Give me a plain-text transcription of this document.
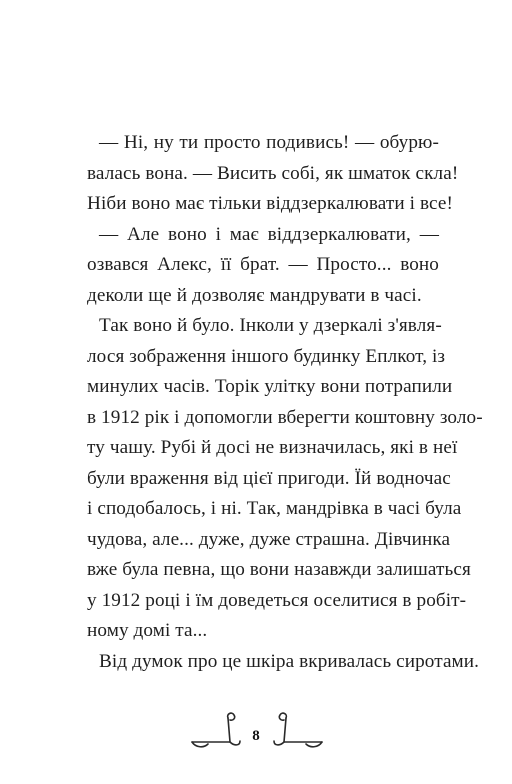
— Ні, ну ти просто подивись! — обурю-
валась вона. — Висить собі, як шматок скла!
Ніби воно має тільки віддзеркалювати і все!

— Але воно і має віддзеркалювати, —
озвався Алекс, її брат. — Просто... воно
деколи ще й дозволяє мандрувати в часі.

Так воно й було. Інколи у дзеркалі з'явля-
лося зображення іншого будинку Еплкот, із
минулих часів. Торік улітку вони потрапили
в 1912 рік і допомогли вберегти коштовну золо-
ту чашу. Рубі й досі не визначилась, які в неї
були враження від цієї пригоди. Їй водночас
і сподобалось, і ні. Так, мандрівка в часі була
чудова, але... дуже, дуже страшна. Дівчинка
вже була певна, що вони назавжди залишаться
у 1912 році і їм доведеться оселитися в робіт-
ному домі та...

Від думок про це шкіра вкривалась сиротами.

8
